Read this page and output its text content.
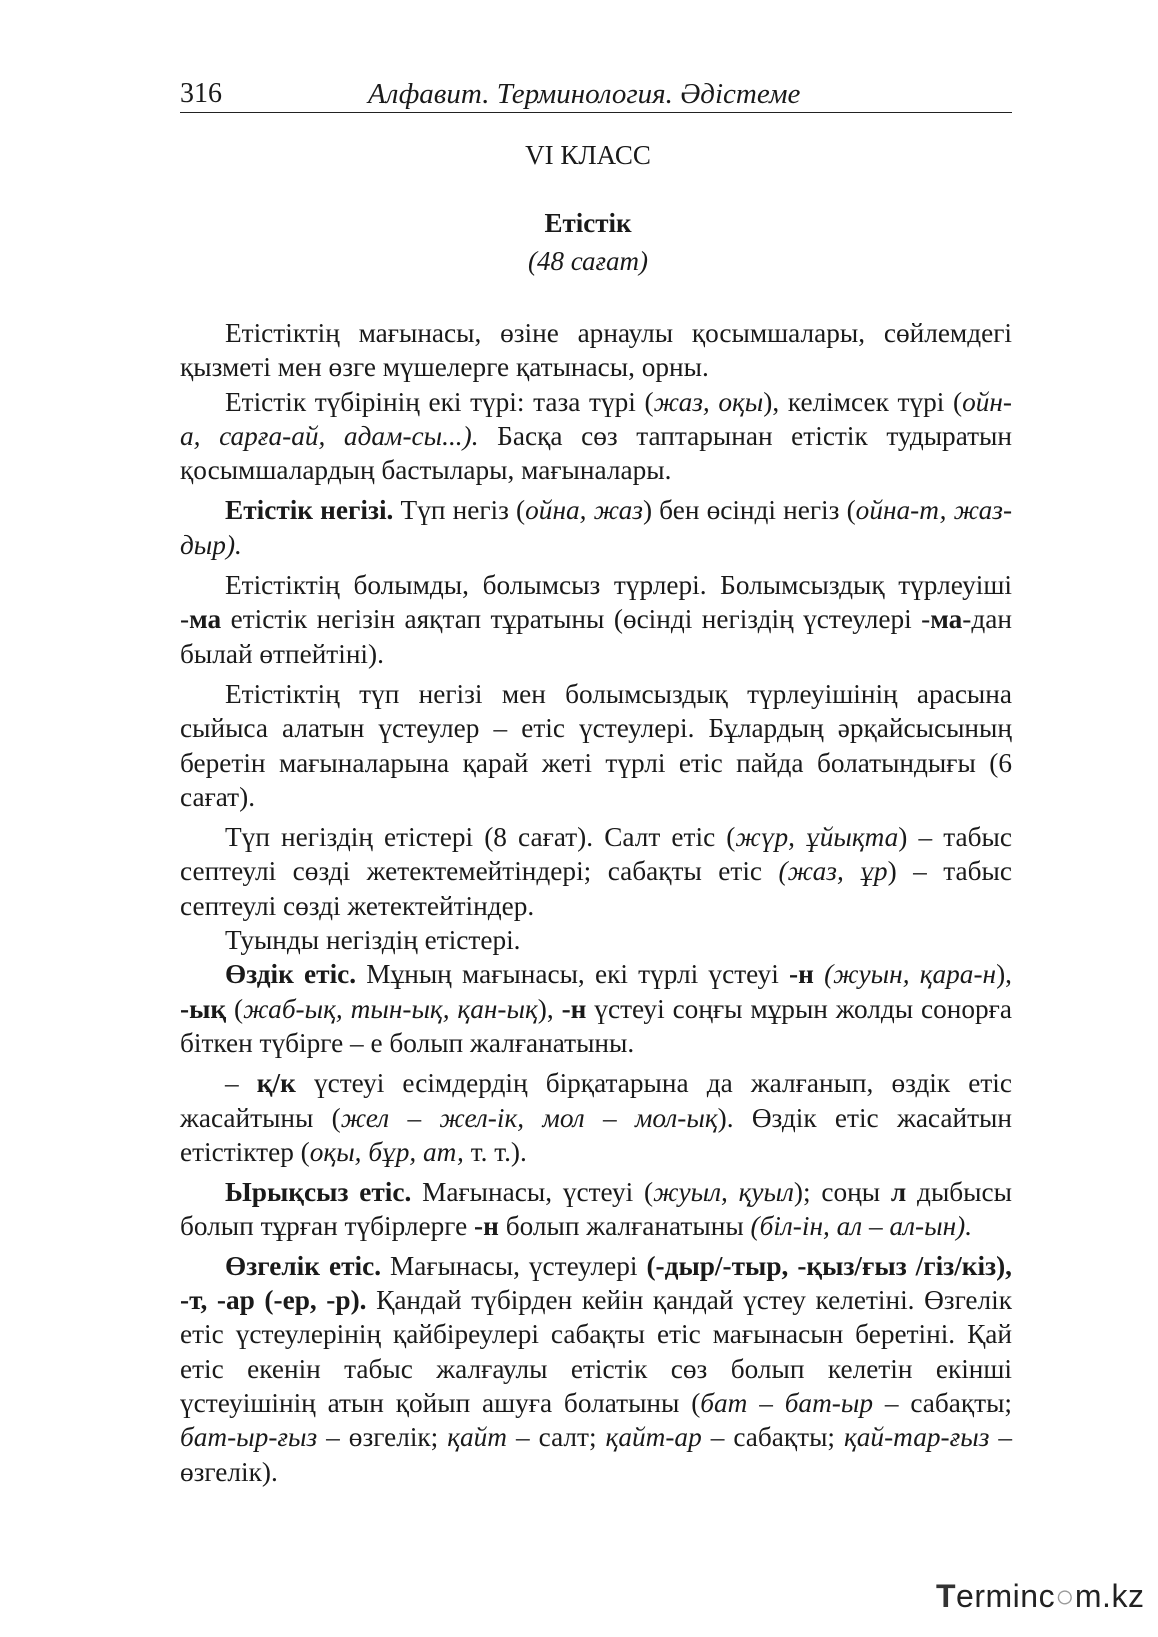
316	Алфавит. Терминология. Әдістеме
VI КЛАСС
Етістік
(48 сағат)

Етістіктің мағынасы, өзіне арнаулы қосымшалары, сөйлемдегі қызметі мен өзге мүшелерге қатынасы, орны.

Етістік түбірінің екі түрі: таза түрі (жаз, оқы), келімсек түрі (ойн-а, сарға-ай, адам-сы...). Басқа сөз таптарынан етістік тудыратын қосымшалардың бастылары, мағыналары.

Етістік негізі. Түп негіз (ойна, жаз) бен өсінді негіз (ойна-т, жаз-дыр).

Етістіктің болымды, болымсыз түрлері. Болымсыздық түрлеуіші -ма етістік негізін аяқтап тұратыны (өсінді негіздің үстеулері -ма-дан былай өтпейтіні).

Етістіктің түп негізі мен болымсыздық түрлеуішінің арасына сыйыса алатын үстеулер – етіс үстеулері. Бұлардың әрқайсысының беретін мағыналарына қарай жеті түрлі етіс пайда болатындығы (6 сағат).

Түп негіздің етістері (8 сағат). Салт етіс (жүр, ұйықта) – табыс септеулі сөзді жетектемейтіндері; сабақты етіс (жаз, ұр) – табыс септеулі сөзді жетектейтіндер.

Туынды негіздің етістері.

Өздік етіс. Мұның мағынасы, екі түрлі үстеуі -н (жуын, қара-н), -ық (жаб-ық, тын-ық, қан-ық), -н үстеуі соңғы мұрын жолды сонорға біткен түбірге – е болып жалғанатыны.

– қ/к үстеуі есімдердің бірқатарына да жалғанып, өздік етіс жасайтыны (жел – жел-ік, мол – мол-ық). Өздік етіс жасайтын етістіктер (оқы, бұр, ат, т. т.).

Ырықсыз етіс. Мағынасы, үстеуі (жуыл, қуыл); соңы л дыбысы болып тұрған түбірлерге -н болып жалғанатыны (біл-ін, ал – ал-ын).

Өзгелік етіс. Мағынасы, үстеулері (-дыр/-тыр, -қыз/ғыз /гіз/кіз), -т, -ар (-ер, -р). Қандай түбірден кейін қандай үстеу келетіні. Өзгелік етіс үстеулерінің қайбіреулері сабақты етіс мағынасын беретіні. Қай етіс екенін табыс жалғаулы етістік сөз болып келетін екінші үстеуішінің атын қойып ашуға болатыны (бат – бат-ыр – сабақты; бат-ыр-ғыз – өзгелік; қайт – салт; қайт-ар – сабақты; қай-тар-ғыз – өзгелік).

Terminc○m.kz
